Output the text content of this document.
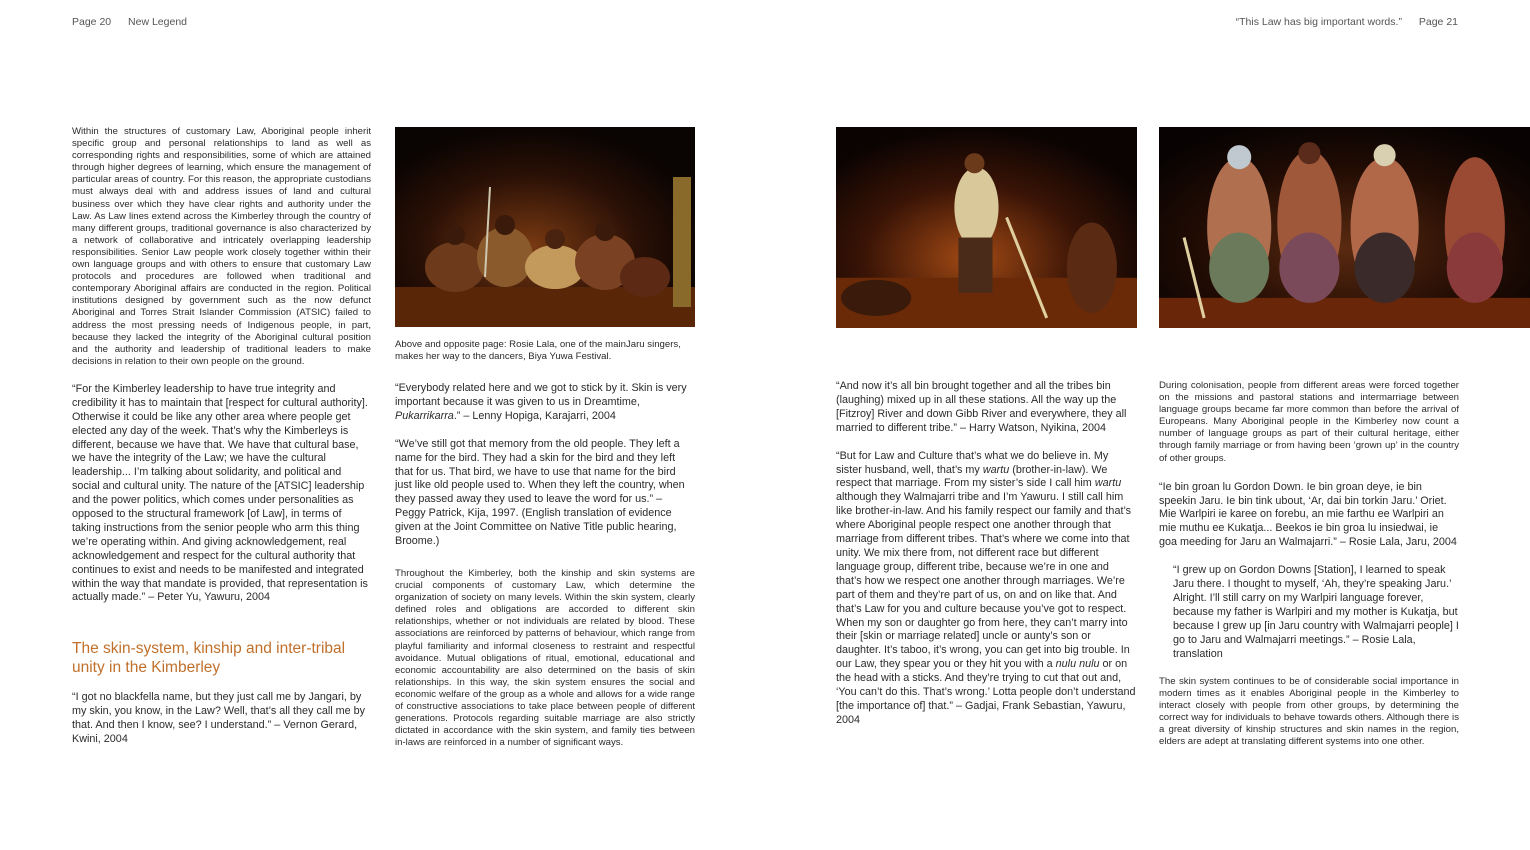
Page 20 New Legend	“This Law has big important words.” Page 21

Within the structures of customary Law, Aboriginal people inherit specific group and personal relationships to land as well as corresponding rights and responsibilities, some of which are attained through higher degrees of learning, which ensure the management of particular areas of country. For this reason, the appropriate custodians must always deal with and address issues of land and cultural business over which they have clear rights and authority under the Law. As Law lines extend across the Kimberley through the country of many different groups, traditional governance is also characterized by a network of collaborative and intricately overlapping leadership responsibilities. Senior Law people work closely together within their own language groups and with others to ensure that customary Law protocols and procedures are followed when traditional and contemporary Aboriginal affairs are conducted in the region. Political institutions designed by government such as the now defunct Aboriginal and Torres Strait Islander Commission (ATSIC) failed to address the most pressing needs of Indigenous people, in part, because they lacked the integrity of the Aboriginal cultural position and the authority and leadership of traditional leaders to make decisions in relation to their own people on the ground.

“For the Kimberley leadership to have true integrity and credibility it has to maintain that [respect for cultural authority]. Otherwise it could be like any other area where people get elected any day of the week. That’s why the Kimberleys is different, because we have that. We have that cultural base, we have the integrity of the Law; we have the cultural leadership... I’m talking about solidarity, and political and social and cultural unity. The nature of the [ATSIC] leadership and the power politics, which comes under personalities as opposed to the structural framework [of Law], in terms of taking instructions from the senior people who arm this thing we’re operating within. And giving acknowledgement, real acknowledgement and respect for the cultural authority that continues to exist and needs to be manifested and integrated within the way that mandate is provided, that representation is actually made.” – Peter Yu, Yawuru, 2004

The skin-system, kinship and inter-tribal unity in the Kimberley

“I got no blackfella name, but they just call me by Jangari, by my skin, you know, in the Law? Well, that’s all they call me by that. And then I know, see? I understand.” – Vernon Gerard, Kwini, 2004

Above and opposite page: Rosie Lala, one of the mainJaru singers, makes her way to the dancers, Biya Yuwa Festival.

“Everybody related here and we got to stick by it. Skin is very important because it was given to us in Dreamtime, Pukarrikarra.” – Lenny Hopiga, Karajarri, 2004

“We’ve still got that memory from the old people. They left a name for the bird. They had a skin for the bird and they left that for us. That bird, we have to use that name for the bird just like old people used to. When they left the country, when they passed away they used to leave the word for us.” – Peggy Patrick, Kija, 1997. (English translation of evidence given at the Joint Committee on Native Title public hearing, Broome.)

Throughout the Kimberley, both the kinship and skin systems are crucial components of customary Law, which determine the organization of society on many levels. Within the skin system, clearly defined roles and obligations are accorded to different skin relationships, whether or not individuals are related by blood. These associations are reinforced by patterns of behaviour, which range from playful familiarity and informal closeness to restraint and respectful avoidance. Mutual obligations of ritual, emotional, educational and economic accountability are also determined on the basis of skin relationships. In this way, the skin system ensures the social and economic welfare of the group as a whole and allows for a wide range of constructive associations to take place between people of different generations. Protocols regarding suitable marriage are also strictly dictated in accordance with the skin system, and family ties between in-laws are reinforced in a number of significant ways.

“And now it’s all bin brought together and all the tribes bin (laughing) mixed up in all these stations. All the way up the [Fitzroy] River and down Gibb River and everywhere, they all married to different tribe.” – Harry Watson, Nyikina, 2004

“But for Law and Culture that’s what we do believe in. My sister husband, well, that’s my wartu (brother-in-law). We respect that marriage. From my sister’s side I call him wartu although they Walmajarri tribe and I’m Yawuru. I still call him like brother-in-law. And his family respect our family and that’s where Aboriginal people respect one another through that marriage from different tribes. That’s where we come into that unity. We mix there from, not different race but different language group, different tribe, because we’re in one and that’s how we respect one another through marriages. We’re part of them and they’re part of us, on and on like that. And that’s Law for you and culture because you’ve got to respect. When my son or daughter go from here, they can’t marry into their [skin or marriage related] uncle or aunty’s son or daughter. It’s taboo, it’s wrong, you can get into big trouble. In our Law, they spear you or they hit you with a nulu nulu or on the head with a sticks. And they’re trying to cut that out and, ‘You can’t do this. That’s wrong.’ Lotta people don’t understand [the importance of] that.” – Gadjai, Frank Sebastian, Yawuru, 2004

During colonisation, people from different areas were forced together on the missions and pastoral stations and intermarriage between language groups became far more common than before the arrival of Europeans. Many Aboriginal people in the Kimberley now count a number of language groups as part of their cultural heritage, either through family marriage or from having been ‘grown up’ in the country of other groups.

“Ie bin groan lu Gordon Down. Ie bin groan deye, ie bin speekin Jaru. Ie bin tink ubout, ‘Ar, dai bin torkin Jaru.’ Oriet. Mie Warlpiri ie karee on forebu, an mie farthu ee Warlpiri an mie muthu ee Kukatja... Beekos ie bin groa lu insiedwai, ie goa meeding for Jaru an Walmajarri.” – Rosie Lala, Jaru, 2004

“I grew up on Gordon Downs [Station], I learned to speak Jaru there. I thought to myself, ‘Ah, they’re speaking Jaru.’ Alright. I’ll still carry on my Warlpiri language forever, because my father is Warlpiri and my mother is Kukatja, but because I grew up [in Jaru country with Walmajarri people] I go to Jaru and Walmajarri meetings.” – Rosie Lala, translation

The skin system continues to be of considerable social importance in modern times as it enables Aboriginal people in the Kimberley to interact closely with people from other groups, by determining the correct way for individuals to behave towards others. Although there is a great diversity of kinship structures and skin names in the region, elders are adept at translating different systems into one other.
